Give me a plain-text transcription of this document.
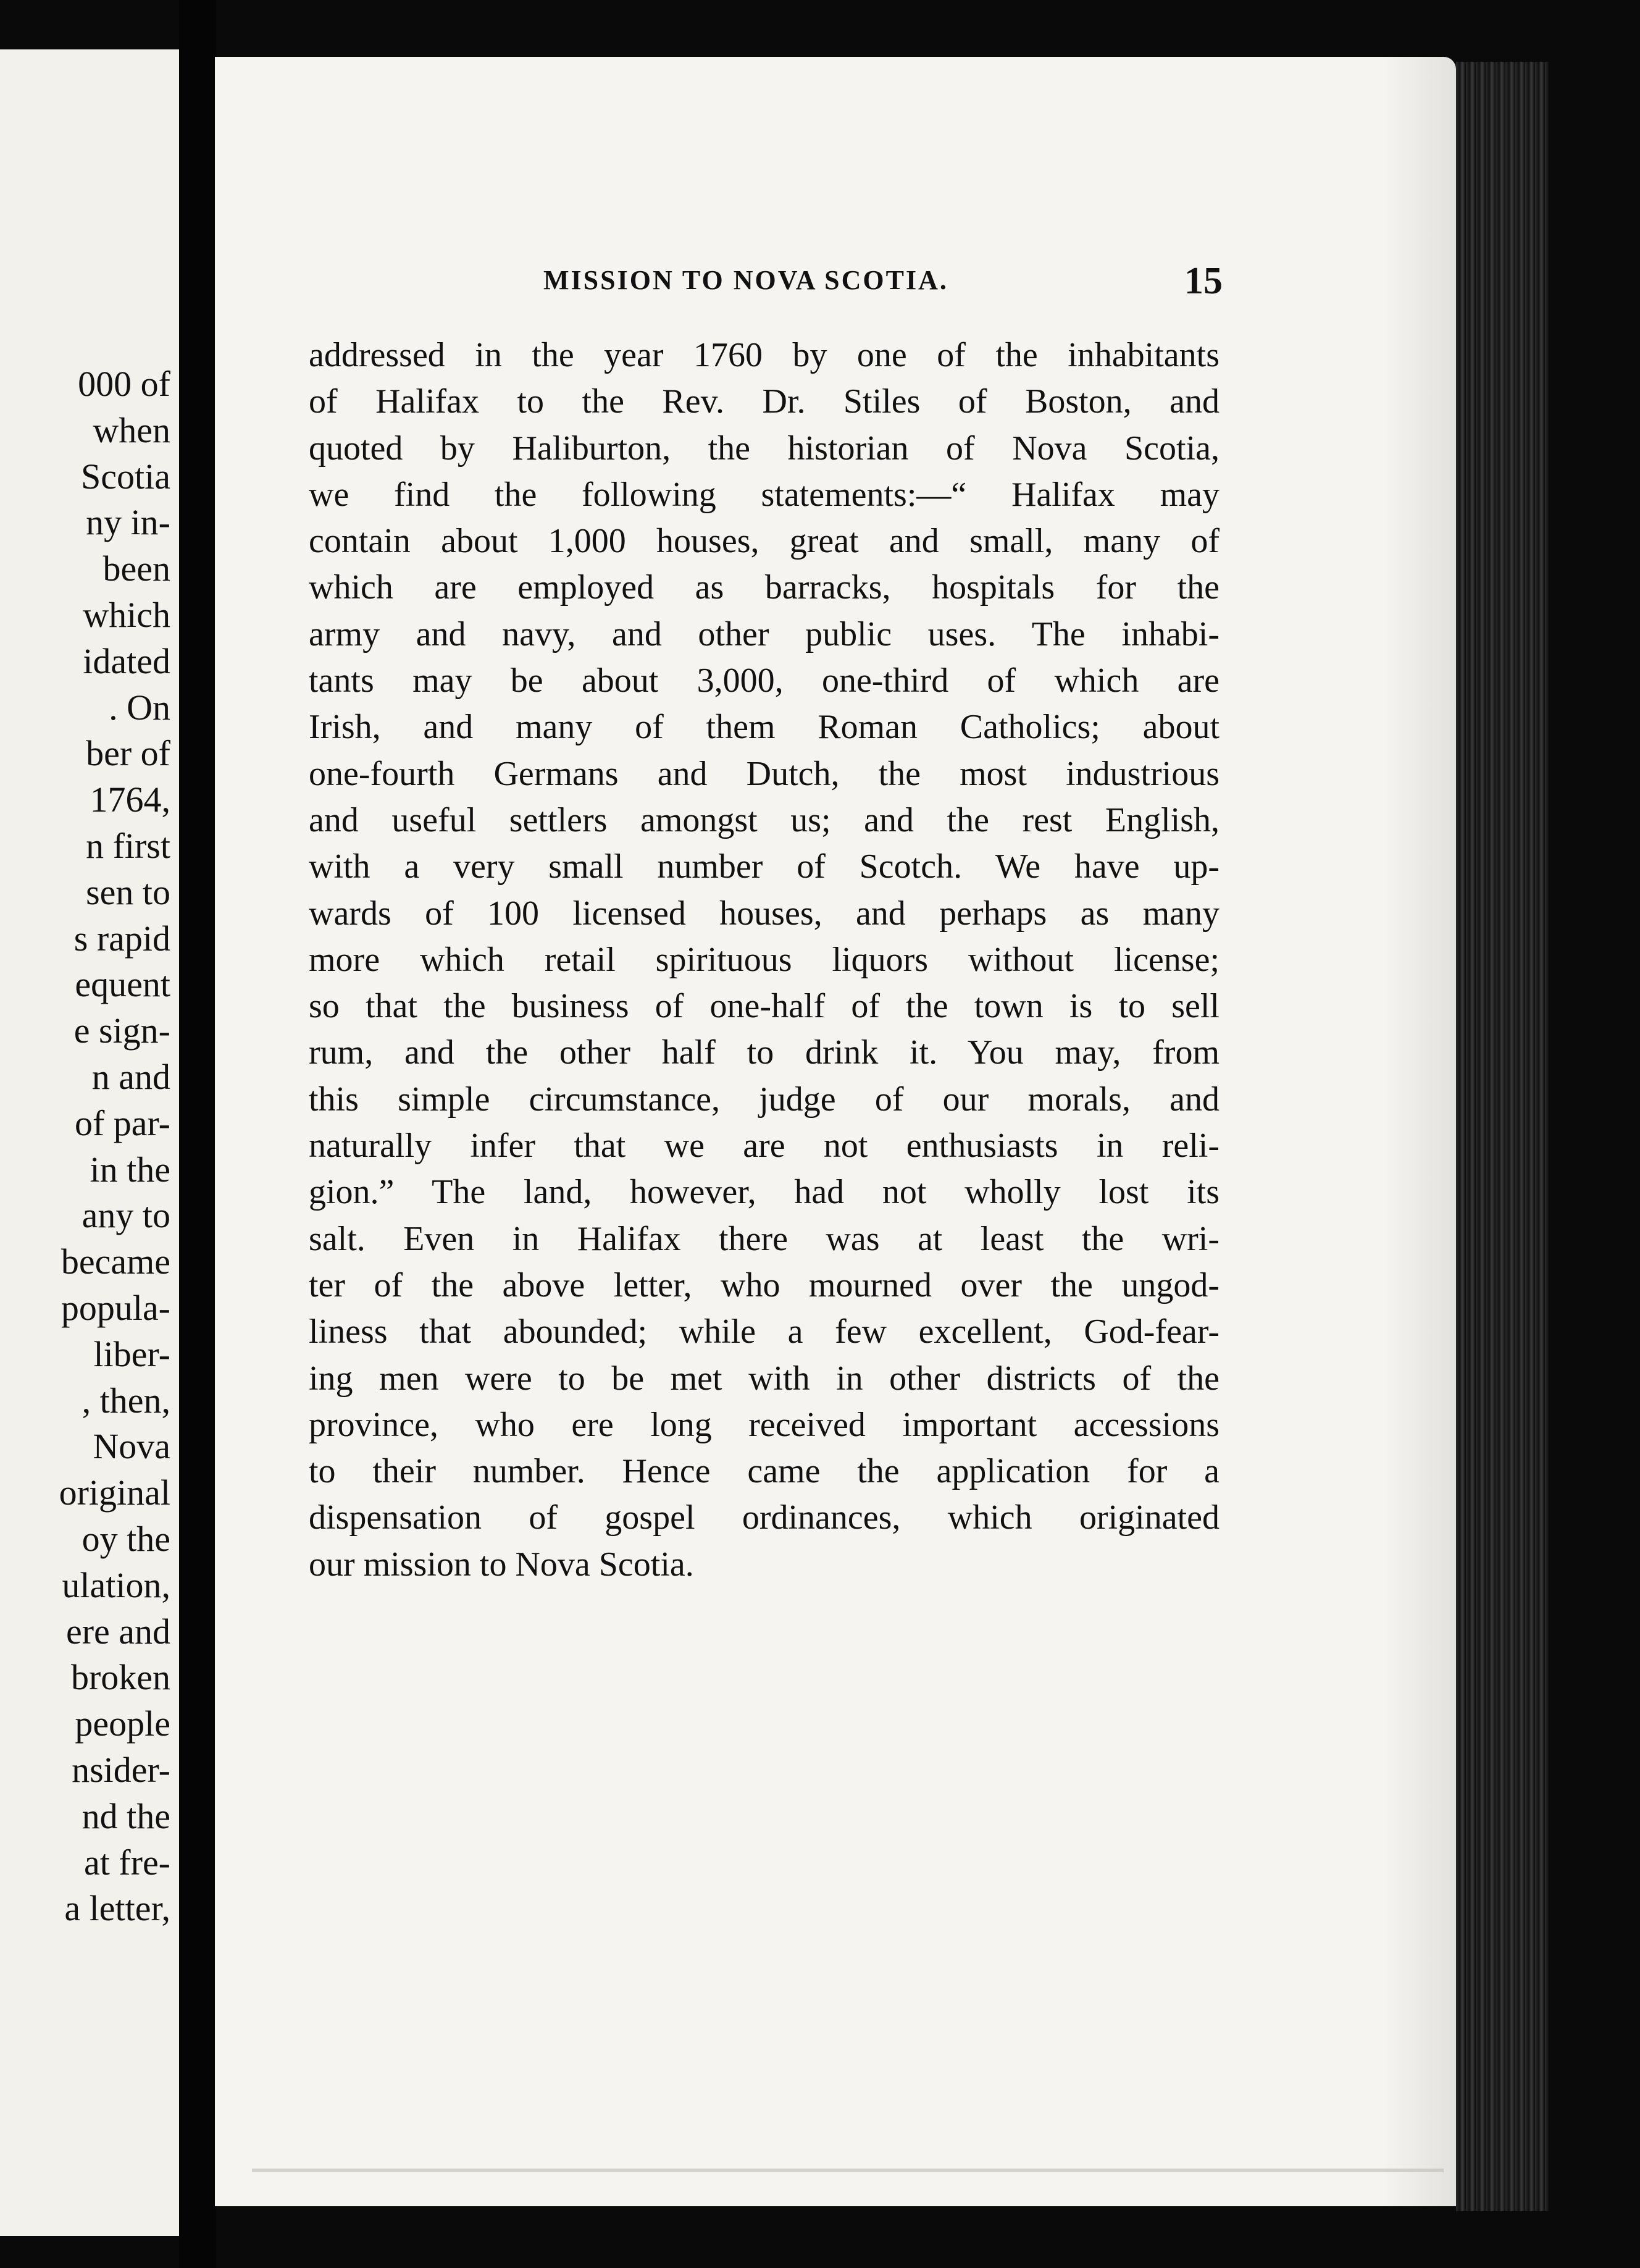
000 of
when
Scotia
ny in-
been
which
idated
. On
ber of
1764,
n first
sen to
s rapid
equent
e sign-
n and
of par-
in the
any to
became
popula-
liber-
, then,
Nova
original
oy the
ulation,
ere and
broken
people
nsider-
nd the
at fre-
a letter,
MISSION TO NOVA SCOTIA.	15
addressed in the year 1760 by one of the inhabitants
of Halifax to the Rev. Dr. Stiles of Boston, and
quoted by Haliburton, the historian of Nova Scotia,
we find the following statements:—“ Halifax may
contain about 1,000 houses, great and small, many of
which are employed as barracks, hospitals for the
army and navy, and other public uses. The inhabi-
tants may be about 3,000, one-third of which are
Irish, and many of them Roman Catholics; about
one-fourth Germans and Dutch, the most industrious
and useful settlers amongst us; and the rest English,
with a very small number of Scotch. We have up-
wards of 100 licensed houses, and perhaps as many
more which retail spirituous liquors without license;
so that the business of one-half of the town is to sell
rum, and the other half to drink it. You may, from
this simple circumstance, judge of our morals, and
naturally infer that we are not enthusiasts in reli-
gion.” The land, however, had not wholly lost its
salt. Even in Halifax there was at least the wri-
ter of the above letter, who mourned over the ungod-
liness that abounded; while a few excellent, God-fear-
ing men were to be met with in other districts of the
province, who ere long received important accessions
to their number. Hence came the application for a
dispensation of gospel ordinances, which originated
our mission to Nova Scotia.
